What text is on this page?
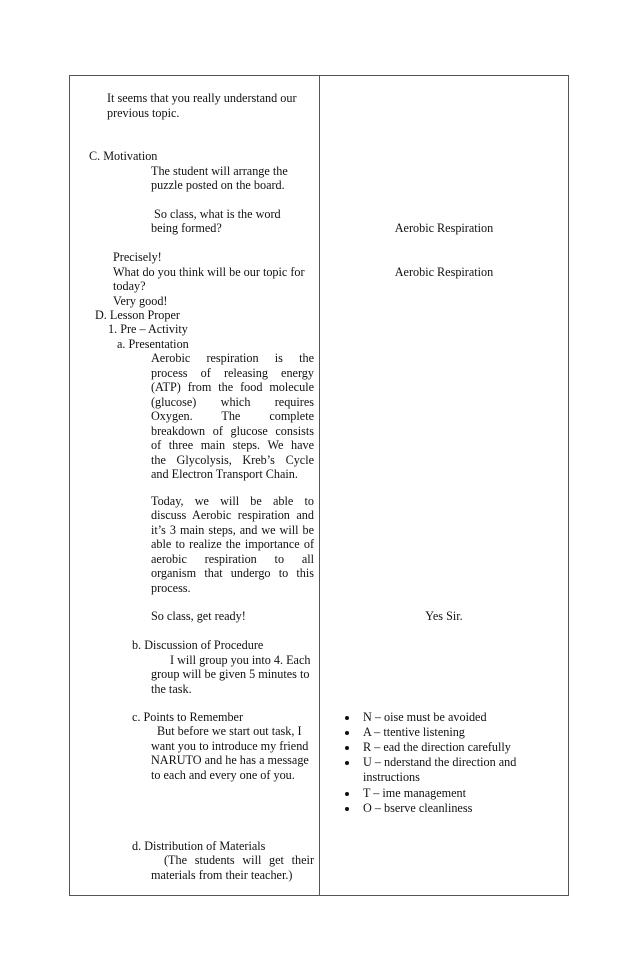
It seems that you really understand our
previous topic.
C. Motivation
The student will arrange the
puzzle posted on the board.
So class, what is the word
being formed?
Precisely!
What do you think will be our topic for
today?
Very good!
D. Lesson Proper
1. Pre – Activity
a. Presentation
Aerobic respiration is the
process of releasing energy
(ATP) from the food molecule
(glucose) which requires
Oxygen. The complete
breakdown of glucose consists
of three main steps. We have
the Glycolysis, Kreb’s Cycle
and Electron Transport Chain.
Today, we will be able to
discuss Aerobic respiration and
it’s 3 main steps, and we will be
able to realize the importance of
aerobic respiration to all
organism that undergo to this
process.
So class, get ready!
b. Discussion of Procedure
I will group you into 4. Each
group will be given 5 minutes to
the task.
c. Points to Remember
But before we start out task, I
want you to introduce my friend
NARUTO and he has a message
to each and every one of you.
d. Distribution of Materials
(The students will get their
materials from their teacher.)
Aerobic Respiration
Aerobic Respiration
Yes Sir.
N – oise must be avoided
A – ttentive listening
R – ead the direction carefully
U – nderstand the direction and
instructions
T – ime management
O – bserve cleanliness
